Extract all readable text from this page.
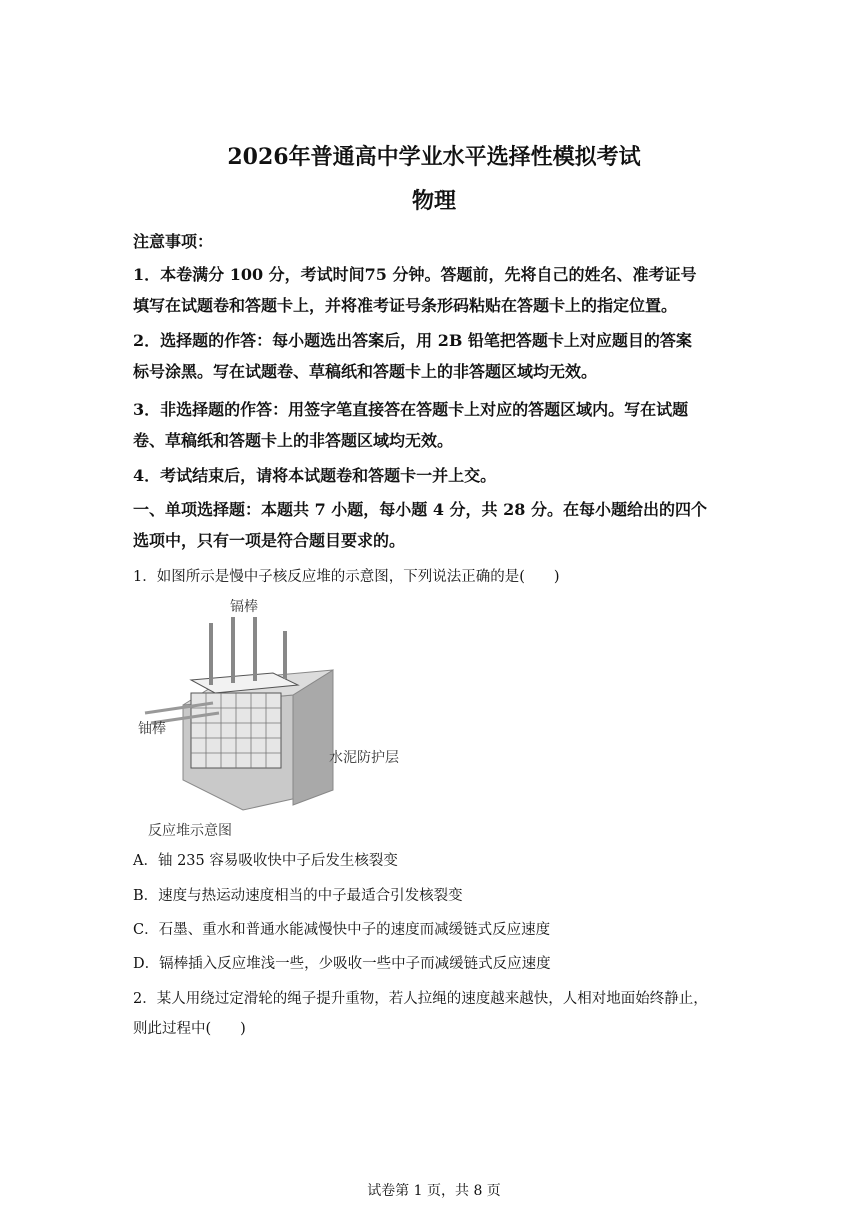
2026年普通高中学业水平选择性模拟考试
物理
注意事项：
1．本卷满分 100 分，考试时间75 分钟。答题前，先将自己的姓名、准考证号
填写在试题卷和答题卡上，并将准考证号条形码粘贴在答题卡上的指定位置。
2．选择题的作答：每小题选出答案后，用 2B 铅笔把答题卡上对应题目的答案
标号涂黑。写在试题卷、草稿纸和答题卡上的非答题区域均无效。
3．非选择题的作答：用签字笔直接答在答题卡上对应的答题区域内。写在试题
卷、草稿纸和答题卡上的非答题区域均无效。
4．考试结束后，请将本试题卷和答题卡一并上交。
一、单项选择题：本题共 7 小题，每小题 4 分，共 28 分。在每小题给出的四个
选项中，只有一项是符合题目要求的。
1．如图所示是慢中子核反应堆的示意图，下列说法正确的是(　　)
镉棒
铀棒
水泥防护层
反应堆示意图
A．铀 235 容易吸收快中子后发生核裂变
B．速度与热运动速度相当的中子最适合引发核裂变
C．石墨、重水和普通水能减慢快中子的速度而减缓链式反应速度
D．镉棒插入反应堆浅一些，少吸收一些中子而减缓链式反应速度
2．某人用绕过定滑轮的绳子提升重物，若人拉绳的速度越来越快，人相对地面始终静止，
则此过程中(　　)
试卷第 1 页，共 8 页
